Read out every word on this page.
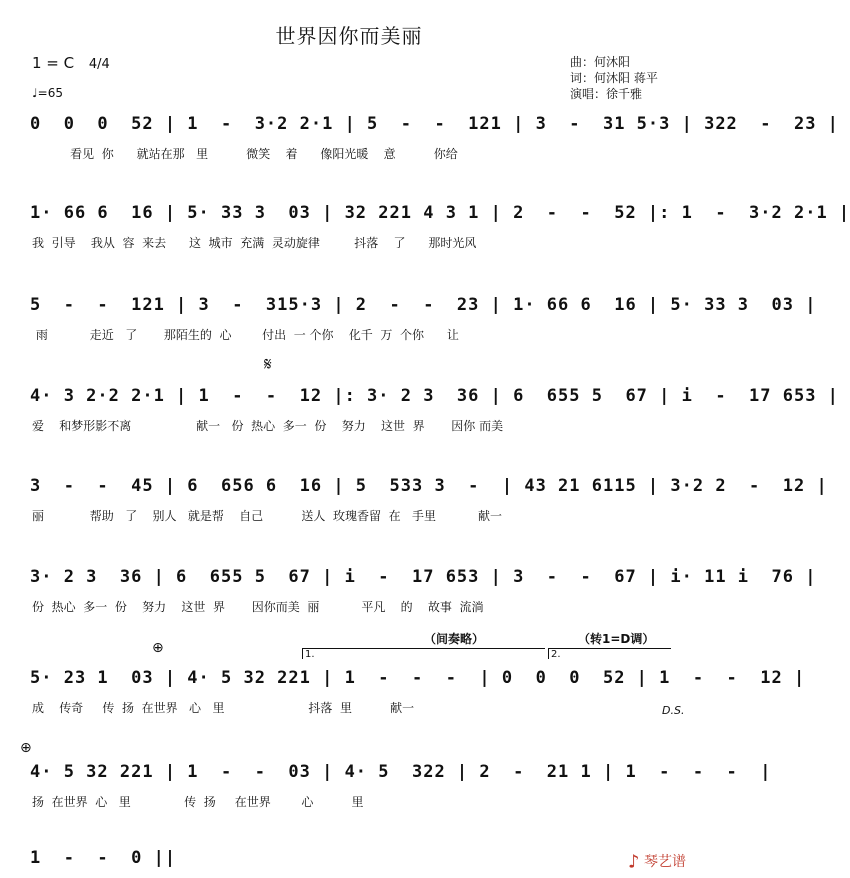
世界因你而美丽
1 = C 4/4
♩=65
曲：何沐阳
词：何沐阳 蒋平
演唱：徐千雅
0  0  0  52 | 1  -  3·2 2·1 | 5  -  -  121 | 3  -  31 5·3 | 322  -  23 |
看见  你      就站在那   里          微笑    着      像阳光暖    意          你给
1· 66 6  16 | 5· 33 3  03 | 32 221 4 3 1 | 2  -  -  52 |: 1  -  3·2 2·1 |
我  引导    我从  容  来去      这  城市  充满  灵动旋律         抖落    了      那时光风
5  -  -  121 | 3  -  315·3 | 2  -  -  23 | 1· 66 6  16 | 5· 33 3  03 |
雨           走近   了       那陌生的  心        付出  一 个你    化千  万  个你      让
𝄋
4· 3 2·2 2·1 | 1  -  -  12 |: 3· 2 3  36 | 6  655 5  67 | i  -  17 653 |
爱    和梦形影不离                 献一   份  热心  多一  份    努力    这世  界       因你 而美
3  -  -  45 | 6  656 6  16 | 5  533 3  -  | 43 21 6115 | 3·2 2  -  12 |
丽            帮助   了    别人   就是帮    自己          送人  玫瑰香留  在   手里           献一
3· 2 3  36 | 6  655 5  67 | i  -  17 653 | 3  -  -  67 | i· 11 i  76 |
份  热心  多一  份    努力    这世  界       因你而美  丽           平凡    的    故事  流淌
（间奏略）	（转1=D调）
⊕	1.	2.
5· 23 1  03 | 4· 5 32 221 | 1  -  -  -  | 0  0  0  52 | 1  -  -  12 |
成    传奇     传  扬  在世界   心   里                      抖落  里          献一	D.S.
⊕
4· 5 32 221 | 1  -  -  03 | 4· 5  322 | 2  -  21 1 | 1  -  -  -  |
扬  在世界  心   里              传  扬     在世界        心          里
1  -  -  0 ||	♪ 琴艺谱
